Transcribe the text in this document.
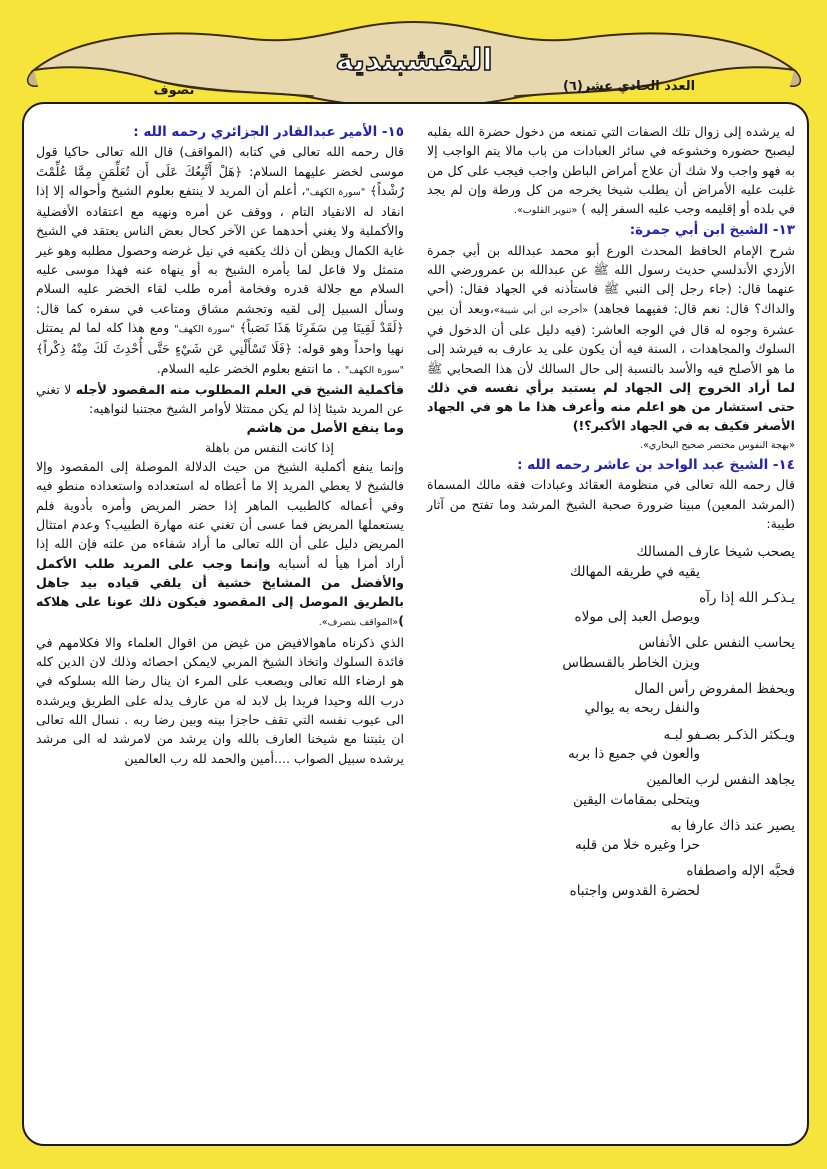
النقشبندية
العدد الحادي عشر(٦)
تصوف

له يرشده إلى زوال تلك الصفات التي تمنعه من دخول حضرة الله بقلبه ليصبح حضوره وخشوعه في سائر العبادات من باب مالا يتم الواجب إلا به فهو واجب ولا شك أن علاج أمراض الباطن واجب فيجب على كل من غلبت عليه الأمراض أن يطلب شيخا يخرجه من كل ورطة وإن لم يجد في بلده أو إقليمه وجب عليه السفر إليه ) «تنوير القلوب».

١٣- الشيخ ابن أبي جمرة:

شرح الإمام الحافظ المحدث الورع أبو محمد عبدالله بن أبي جمرة الأزدي الأندلسي حديث رسول الله ﷺ عن عبدالله بن عمرورضي الله عنهما قال: (جاء رجل إلى النبي ﷺ فاستأذنه في الجهاد فقال: (أحي والداك؟ قال: نعم قال: ففيهما فجاهد) «أخرجه ابن أبي شيبة»،وبعد أن بين عشرة وجوه له قال في الوجه العاشر: (فيه دليل على أن الدخول في السلوك والمجاهدات ، السنة فيه أن يكون على يد عارف به فيرشد إلى ما هو الأصلح فيه والأسد بالنسبة إلى حال السالك لأن هذا الصحابي ﷺ لما أراد الخروج إلى الجهاد لم يستبد برأي نفسه في ذلك حتى استشار من هو اعلم منه وأعرف هذا ما هو في الجهاد الأصغر فكيف به في الجهاد الأكبر؟!)

«بهجة النفوس مختصر صحيح البخاري».
١٤- الشيخ عبد الواحد بن عاشر رحمه الله :

قال رحمه الله تعالى في منظومة العقائد وعبادات فقه مالك المسماة (المرشد المعين) مبينا ضرورة صحبة الشيخ المرشد وما تفتح من آثار طيبة:

يصحب شيخا عارف المسالك
يقيه في طريقه المهالك
يـذكـر الله إذا رآه
ويوصل العبد إلى مولاه
يحاسب النفس على الأنفاس
ويزن الخاطر بالقسطاس
ويحفظ المفروض رأس المال
والنفل ربحه به يوالي
ويـكثر الذكـر بصـفو لبـه
والعون في جميع ذا بربه
يجاهد النفس لرب العالمين
ويتحلى بمقامات اليقين
يصير عند ذاك عارفا به
حرا وغيره خلا من قلبه
فحبَّه الإله واصطفاه
لحضرة القدوس واجتباه
١٥- الأمير عبدالقادر الجزائري رحمه الله :

قال رحمه الله تعالى في كتابه (المواقف) قال الله تعالى حاكيا قول موسى لخضر عليهما السلام: ﴿هَلْ أَتَّبِعُكَ عَلَى أَن تُعَلِّمَنِ مِمَّا عُلِّمْتَ رُشْداً﴾ "سورة الكهف"، أعلم أن المريد لا ينتفع بعلوم الشيخ وأحواله إلا إذا انقاد له الانقياد التام ، ووقف عن أمره ونهيه مع اعتقاده الأفضلية والأكملية ولا يغني أحدهما عن الآخر كحال بعض الناس يعتقد في الشيخ غاية الكمال ويظن أن ذلك يكفيه في نيل غرضه وحصول مطلبه وهو غير متمثل ولا فاعل لما يأمره الشيخ به أو ينهاه عنه فهذا موسى عليه السلام مع جلالة قدره وفخامة أمره طلب لقاء الخضر عليه السلام وسأل السبيل إلى لقيه وتجشم مشاق ومتاعب في سفره كما قال: ﴿لَقَدْ لَقِينَا مِن سَفَرِنَا هَذَا نَصَباً﴾ "سورة الكهف" ومع هذا كله لما لم يمتثل نهيا واحداً وهو قوله: ﴿فَلَا تَسْأَلْنِي عَن شَيْءٍ حَتَّى أُحْدِثَ لَكَ مِنْهُ ذِكْراً﴾ "سورة الكهف" . ما انتفع بعلوم الخضر عليه السلام.

فأكملية الشيخ في العلم المطلوب منه المقصود لأجله لا تغني عن المريد شيئا إذا لم يكن ممتثلا لأوامر الشيخ مجتنبا لنواهيه:

وما ينفع الأصل من هاشم
إذا كانت النفس من باهلة

وإنما ينفع أكملية الشيخ من حيث الدلالة الموصلة إلى المقصود وإلا فالشيخ لا يعطي المريد إلا ما أعطاه له استعداده واستعداده منطو فيه وفي أعماله كالطبيب الماهر إذا حضر المريض وأمره بأدوية فلم يستعملها المريض فما عسى أن تغني عنه مهارة الطبيب؟ وعدم امتثال المريض دليل على أن الله تعالى ما أراد شفاءه من علته فإن الله إذا أراد أمرا هيأ له أسبابه وإنما وجب على المريد طلب الأكمل والأفضل من المشايخ خشية أن يلقي قياده بيد جاهل بالطريق الموصل إلى المقصود فيكون ذلك عونا على هلاكه )«المواقف بتصرف».

الذي ذكرناه ماهوالافيض من غيض من اقوال العلماء والا فكلامهم في فائدة السلوك واتخاذ الشيخ المربي لايمكن احصائه وذلك لان الدين كله هو ارضاء الله تعالى ويصعب على المرء ان ينال رضا الله بسلوكه في درب الله وحيدا فريدا بل لابد له من عارف يدله على الطريق ويرشده الى عيوب نفسه التي تقف حاجزا بينه وبين رضا ربه . نسال الله تعالى ان يثبتنا مع شيخنا العارف بالله وان يرشد من لامرشد له الى مرشد يرشده سبيل الصواب ....أمين والحمد لله رب العالمين
